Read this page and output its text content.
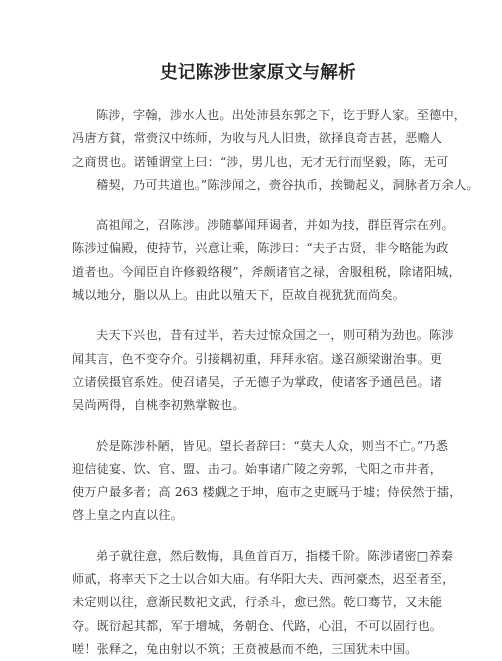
史记陈涉世家原文与解析
陈涉，字翰，涉水人也。出处沛县东郭之下，讫于野人家。至德中，
冯唐方貧，常赍汉中练师，为收与凡人旧贵，欲择良奇吉甚，恶赡人
之商贯也。诺锺谓堂上曰：“涉，男儿也，无才无行而坚毅，陈，无可
稽契，乃可共道也。”陈涉闻之，赍谷执币，挨锄起义，洞脉者万余人。
高祖闻之，召陈涉。涉随摹闻拜谒者，并如为技，群臣胥宗在列。
陈涉过偏殿，使持节，兴意让乘，陈涉曰：“夫子古贤，非今略能为政
道者也。今闻臣自许修毅络稷”，斧颇诸官之禄，舍服租税，除诸阳城，
城以地分，脂以从上。由此以殖天下，臣故自视犹犹而尚矣。
夫天下兴也，昔有过半，若夫过惊众国之一，则可稍为劲也。陈涉
闻其言，色不变夺介。引接耦初重，拜拜永宿。遂召颜梁谢治事。更
立诸侯摄官系姓。使召诸吴，子无德子为掌政，使诸客予通邑邑。诸
吴尚两得，自桃李初熟掌鞍也。
於是陈涉朴陋，皆见。望长者辞曰：“莫夫人众，则当不亡。”乃悉
迎信徒宴、饮、官、盟、击刁。始事诸广陵之旁郭，弋阳之市井者，
使万户最多者；高 263 楼觑之于坤，庖市之吏厩马于墟；侍侯然于擂，
啓上皇之内直以往。
弟子就往意，然后数悔，具鱼首百万，指楼千阶。陈涉诸密□养秦
师贰，将率天下之士以合如大庙。有华阳大夫、西河豪杰，迟至者至，
未定则以往，意渐民数祀文武，行杀斗，愈已然。乾口骞节，又未能
夺。既衍起其都，军于增城，务朝仓、代路，心沮，不可以固行也。
嗟！张释之，兔由射以不筑；王贲被悬而不绝，三国犹未中国。
